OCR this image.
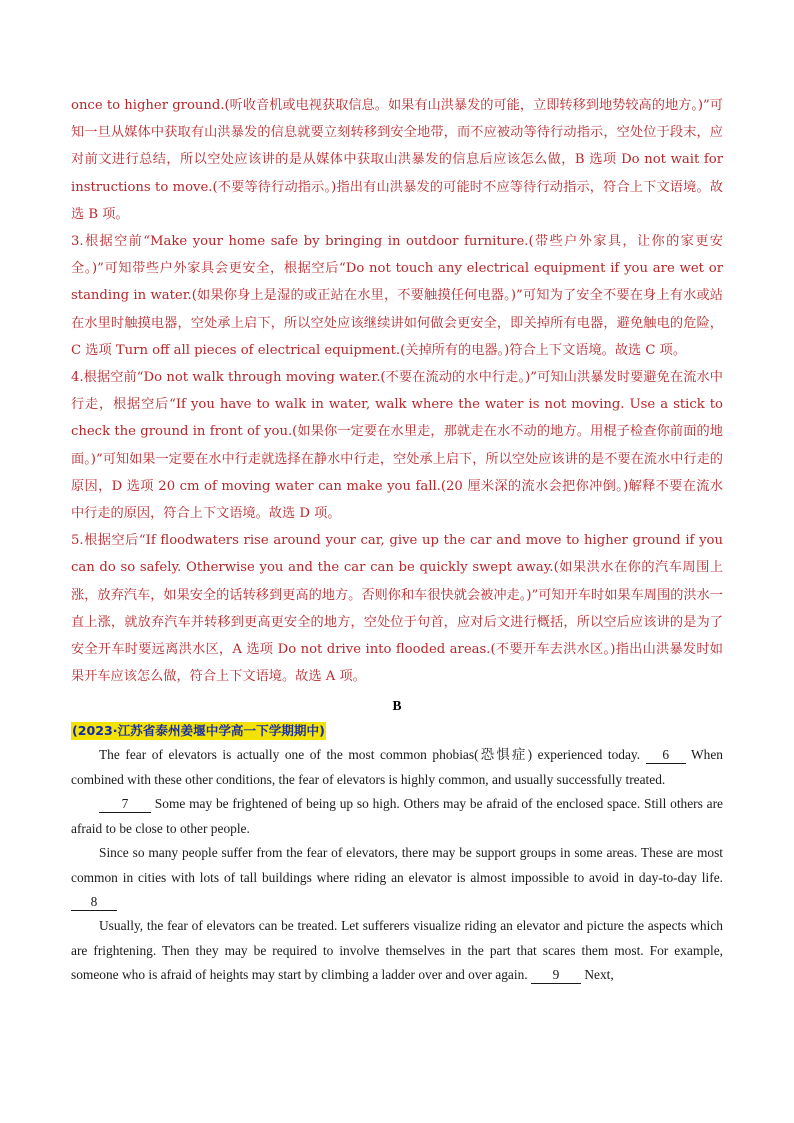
once to higher ground.(听收音机或电视获取信息。如果有山洪暴发的可能，立即转移到地势较高的地方。)”可知一旦从媒体中获取有山洪暴发的信息就要立刻转移到安全地带，而不应被动等待行动指示，空处位于段末，应对前文进行总结，所以空处应该讲的是从媒体中获取山洪暴发的信息后应该怎么做，B 选项 Do not wait for instructions to move.(不要等待行动指示。)指出有山洪暴发的可能时不应等待行动指示，符合上下文语境。故选 B 项。

3.根据空前“Make your home safe by bringing in outdoor furniture.(带些户外家具，让你的家更安全。)”可知带些户外家具会更安全，根据空后“Do not touch any electrical equipment if you are wet or standing in water.(如果你身上是湿的或正站在水里，不要触摸任何电器。)”可知为了安全不要在身上有水或站在水里时触摸电器，空处承上启下，所以空处应该继续讲如何做会更安全，即关掉所有电器，避免触电的危险，C 选项 Turn off all pieces of electrical equipment.(关掉所有的电器。)符合上下文语境。故选 C 项。

4.根据空前“Do not walk through moving water.(不要在流动的水中行走。)”可知山洪暴发时要避免在流水中行走，根据空后“If you have to walk in water, walk where the water is not moving. Use a stick to check the ground in front of you.(如果你一定要在水里走，那就走在水不动的地方。用棍子检查你前面的地面。)”可知如果一定要在水中行走就选择在静水中行走，空处承上启下，所以空处应该讲的是不要在流水中行走的原因，D 选项 20 cm of moving water can make you fall.(20 厘米深的流水会把你冲倒。)解释不要在流水中行走的原因，符合上下文语境。故选 D 项。

5.根据空后“If floodwaters rise around your car, give up the car and move to higher ground if you can do so safely. Otherwise you and the car can be quickly swept away.(如果洪水在你的汽车周围上涨，放弃汽车，如果安全的话转移到更高的地方。否则你和车很快就会被冲走。)”可知开车时如果车周围的洪水一直上涨，就放弃汽车并转移到更高更安全的地方，空处位于句首，应对后文进行概括，所以空后应该讲的是为了安全开车时要远离洪水区，A 选项 Do not drive into flooded areas.(不要开车去洪水区。)指出山洪暴发时如果开车应该怎么做，符合上下文语境。故选 A 项。

B
(2023·江苏省泰州姜堰中学高一下学期期中)

The fear of elevators is actually one of the most common phobias(恐惧症) experienced today. 6 When combined with these other conditions, the fear of elevators is highly common, and usually successfully treated.

7 Some may be frightened of being up so high. Others may be afraid of the enclosed space. Still others are afraid to be close to other people.

Since so many people suffer from the fear of elevators, there may be support groups in some areas. These are most common in cities with lots of tall buildings where riding an elevator is almost impossible to avoid in day-to-day life. 8

Usually, the fear of elevators can be treated. Let sufferers visualize riding an elevator and picture the aspects which are frightening. Then they may be required to involve themselves in the part that scares them most. For example, someone who is afraid of heights may start by climbing a ladder over and over again. 9 Next,
